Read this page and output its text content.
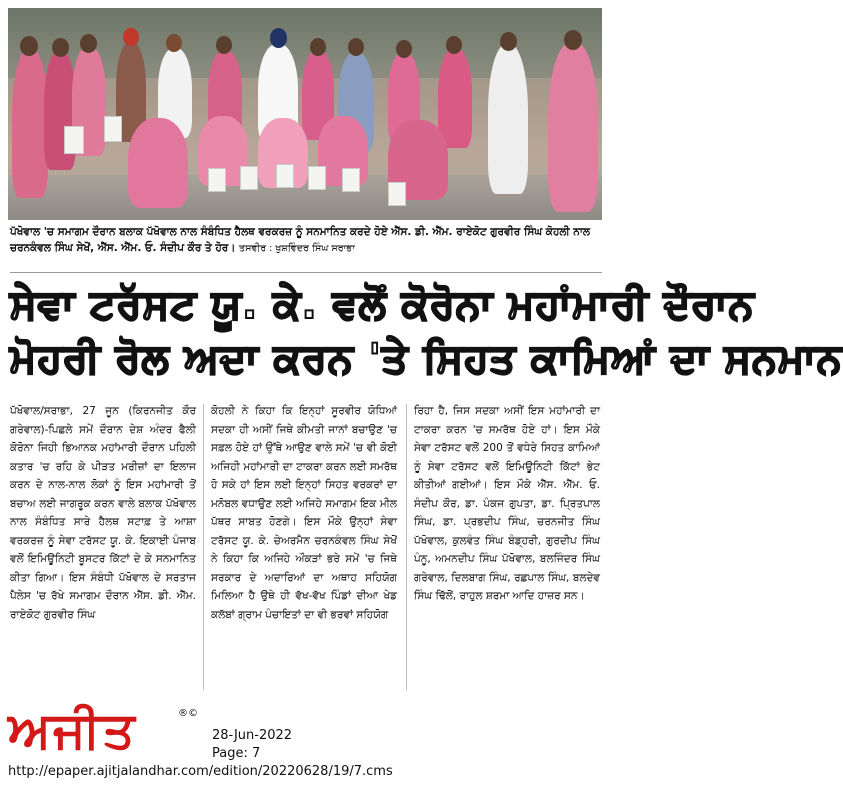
ਪੱਖੋਵਾਲ 'ਚ ਸਮਾਗਮ ਦੌਰਾਨ ਬਲਾਕ ਪੱਖੋਵਾਲ ਨਾਲ ਸੰਬੰਧਿਤ ਹੈਲਥ ਵਰਕਰਜ਼ ਨੂੰ ਸਨਮਾਨਿਤ ਕਰਦੇ ਹੋਏ ਐੱਸ. ਡੀ. ਐੱਮ. ਰਾਏਕੋਟ ਗੁਰਵੀਰ ਸਿੰਘ ਕੋਹਲੀ ਨਾਲ ਚਰਨਕੰਵਲ ਸਿੰਘ ਸੇਖੋਂ, ਐੱਸ. ਐੱਮ. ਓ. ਸੰਦੀਪ ਕੌਰ ਤੇ ਹੋਰ। ਤਸਵੀਰ : ਖੁਸ਼ਵਿੰਦਰ ਸਿੰਘ ਸਰਾਭਾ
ਸੇਵਾ ਟਰੱਸਟ ਯੂ. ਕੇ. ਵਲੋਂ ਕੋਰੋਨਾ ਮਹਾਂਮਾਰੀ ਦੌਰਾਨ
ਮੋਹਰੀ ਰੋਲ ਅਦਾ ਕਰਨ 'ਤੇ ਸਿਹਤ ਕਾਮਿਆਂ ਦਾ ਸਨਮਾਨ
ਪੱਖੋਵਾਲ/ਸਰਾਭਾ, 27 ਜੂਨ (ਕਿਰਨਜੀਤ ਕੌਰ ਗਰੇਵਾਲ)-ਪਿਛਲੇ ਸਮੇਂ ਦੌਰਾਨ ਦੇਸ਼ ਅੰਦਰ ਫੈਲੀ ਕੋਰੋਨਾ ਜਿਹੀ ਭਿਆਨਕ ਮਹਾਂਮਾਰੀ ਦੌਰਾਨ ਪਹਿਲੀ ਕਤਾਰ 'ਚ ਰਹਿ ਕੇ ਪੀੜਤ ਮਰੀਜ਼ਾਂ ਦਾ ਇਲਾਜ ਕਰਨ ਦੇ ਨਾਲ-ਨਾਲ ਲੋਕਾਂ ਨੂੰ ਇਸ ਮਹਾਂਮਾਰੀ ਤੋਂ ਬਚਾਅ ਲਈ ਜਾਗਰੂਕ ਕਰਨ ਵਾਲੇ ਬਲਾਕ ਪੱਖੋਵਾਲ ਨਾਲ ਸੰਬੰਧਿਤ ਸਾਰੇ ਹੈਲਥ ਸਟਾਫ਼ ਤੇ ਆਸ਼ਾ ਵਰਕਰਜ਼ ਨੂੰ ਸੇਵਾ ਟਰੱਸਟ ਯੂ. ਕੇ. ਇਕਾਈ ਪੰਜਾਬ ਵਲੋਂ ਇਮਿਊਨਿਟੀ ਬੂਸਟਰ ਕਿੱਟਾਂ ਦੇ ਕੇ ਸਨਮਾਨਿਤ ਕੀਤਾ ਗਿਆ। ਇਸ ਸੰਬੰਧੀ ਪੱਖੋਵਾਲ ਦੇ ਸਰਤਾਜ ਪੈਲੇਸ 'ਚ ਰੱਖੇ ਸਮਾਗਮ ਦੌਰਾਨ ਐੱਸ. ਡੀ. ਐੱਮ. ਰਾਏਕੋਟ ਗੁਰਵੀਰ ਸਿੰਘ
ਕੋਹਲੀ ਨੇ ਕਿਹਾ ਕਿ ਇਨ੍ਹਾਂ ਸੂਰਵੀਰ ਯੋਧਿਆਂ ਸਦਕਾ ਹੀ ਅਸੀਂ ਜਿਥੇ ਕੀਮਤੀ ਜਾਨਾਂ ਬਚਾਉਣ 'ਚ ਸਫ਼ਲ ਹੋਏ ਹਾਂ ਉੱਥੇ ਆਉਣ ਵਾਲੇ ਸਮੇਂ 'ਚ ਵੀ ਕੋਈ ਅਜਿਹੀ ਮਹਾਂਮਾਰੀ ਦਾ ਟਾਕਰਾ ਕਰਨ ਲਈ ਸਮਰੱਥ ਹੋ ਸਕੇ ਹਾਂ ਇਸ ਲਈ ਇਨ੍ਹਾਂ ਸਿਹਤ ਵਰਕਰਾਂ ਦਾ ਮਨੋਬਲ ਵਧਾਉਣ ਲਈ ਅਜਿਹੇ ਸਮਾਗਮ ਇਕ ਮੀਲ ਪੱਥਰ ਸਾਬਤ ਹੋਣਗੇ। ਇਸ ਮੌਕੇ ਉਨ੍ਹਾਂ ਸੇਵਾ ਟਰੱਸਟ ਯੂ. ਕੇ. ਚੇਅਰਮੈਨ ਚਰਨਕੰਵਲ ਸਿੰਘ ਸੇਖੋਂ ਨੇ ਕਿਹਾ ਕਿ ਅਜਿਹੇ ਔਕੜਾਂ ਭਰੇ ਸਮੇਂ 'ਚ ਜਿਥੇ ਸਰਕਾਰ ਦੇ ਅਦਾਰਿਆਂ ਦਾ ਅਥਾਹ ਸਹਿਯੋਗ ਮਿਲਿਆ ਹੈ ਉਥੇ ਹੀ ਵੱਖ-ਵੱਖ ਪਿੰਡਾਂ ਦੀਆ ਖੇਡ ਕਲੱਬਾਂ ਗ੍ਰਾਮ ਪੰਚਾਇਤਾਂ ਦਾ ਵੀ ਭਰਵਾਂ ਸਹਿਯੋਗ
ਰਿਹਾ ਹੈ, ਜਿਸ ਸਦਕਾ ਅਸੀਂ ਇਸ ਮਹਾਂਮਾਰੀ ਦਾ ਟਾਕਰਾ ਕਰਨ 'ਚ ਸਮਰੱਥ ਹੋਏ ਹਾਂ। ਇਸ ਮੌਕੇ ਸੇਵਾ ਟਰੱਸਟ ਵਲੋਂ 200 ਤੋਂ ਵਧੇਰੇ ਸਿਹਤ ਕਾਮਿਆਂ ਨੂੰ ਸੇਵਾ ਟਰੱਸਟ ਵਲੋਂ ਇਮਿਊਨਿਟੀ ਕਿੱਟਾਂ ਭੇਟ ਕੀਤੀਆਂ ਗਈਆਂ। ਇਸ ਮੌਕੇ ਐੱਸ. ਐੱਮ. ਓ. ਸੰਦੀਪ ਕੌਰ, ਡਾ. ਪੰਕਜ ਗੁਪਤਾ, ਡਾ. ਪ੍ਰਿਤਪਾਲ ਸਿੰਘ, ਡਾ. ਪ੍ਰਭਦੀਪ ਸਿੰਘ, ਚਰਨਜੀਤ ਸਿੰਘ ਪੱਖੋਵਾਲ, ਕੁਲਵੰਤ ਸਿੰਘ ਬੰਡ੍ਹਰੀ, ਗੁਰਦੀਪ ਸਿੰਘ ਪੰਨੂ, ਅਮਨਦੀਪ ਸਿੰਘ ਪੱਖੋਵਾਲ, ਬਲਜਿੰਦਰ ਸਿੰਘ ਗਰੇਵਾਲ, ਦਿਲਬਾਗ ਸਿੰਘ, ਰਛਪਾਲ ਸਿੰਘ, ਬਲਦੇਵ ਸਿੰਘ ਢਿੱਲੋਂ, ਰਾਹੁਲ ਸ਼ਰਮਾ ਆਦਿ ਹਾਜ਼ਰ ਸਨ।
ਅਜੀਤ	®©
28-Jun-2022
Page: 7
http://epaper.ajitjalandhar.com/edition/20220628/19/7.cms
